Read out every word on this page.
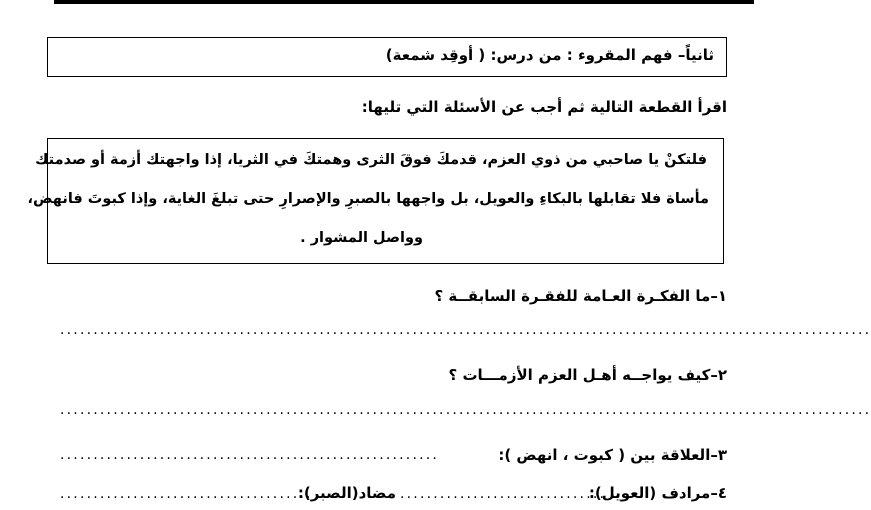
ثانياً– فهم المقروء : من درس: ( أوقِد شمعة)
اقرأ القطعة التالية ثم أجب عن الأسئلة التي تليها:
فلتكنْ يا صاحبي من ذوي العزم، قدمكَ فوقَ الثرى وهمتكَ في الثريا، إذا واجهتك أزمة أو صدمتك
مأساة فلا تقابلها بالبكاءِ والعويل، بل واجهها بالصبرِ والإصرارِ حتى تبلغَ الغاية، وإذا كبوتَ فانهض،
وواصل المشوار .
١–ما الفكـرة العـامة للفقـرة السابقــة ؟
..........................................................................................................................
٢–كيف يواجــه أهـل العزم الأزمـــات ؟
..........................................................................................................................
٣–العلاقة بين ( كبوت ، انهض ):
.........................................................
٤–مرادف (العويل):
...............................
مضاد(الصبر):
......................................
